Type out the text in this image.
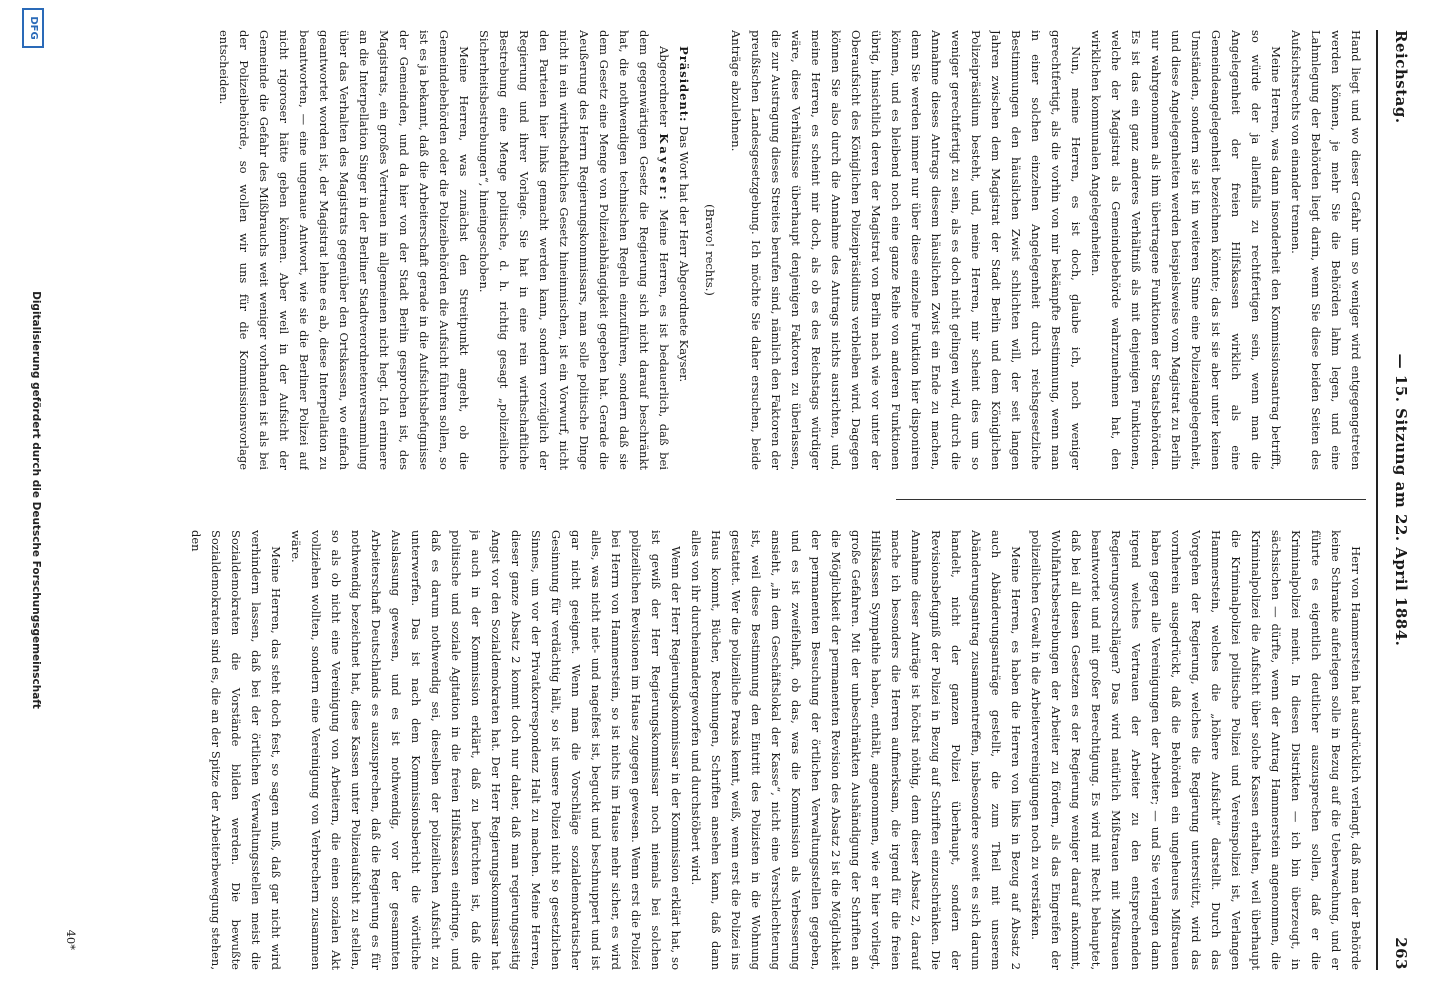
Reichstag.
— 15. Sitzung am 22. April 1884.
263

Hand liegt und wo dieser Gefahr um so weniger wird entgegengetreten werden können, je mehr Sie die Behörden lahm legen, und eine Lahmlegung der Behörden liegt darin, wenn Sie diese beiden Seiten des Aufsichtsrechts von einander trennen.

Meine Herren, was dann insonderheit den Kommissionsantrag betrifft, so würde der ja allenfalls zu rechtfertigen sein, wenn man die Angelegenheit der freien Hilfskassen wirklich als eine Gemeindeangelegenheit bezeichnen könnte; das ist sie aber unter keinen Umständen, sondern sie ist im weiteren Sinne eine Polizeiangelegenheit, und diese Angelegenheiten werden beispielsweise vom Magistrat zu Berlin nur wahrgenommen als ihm übertragene Funktionen der Staatsbehörden. Es ist das ein ganz anderes Verhältniß als mit denjenigen Funktionen, welche der Magistrat als Gemeindebehörde wahrzunehmen hat, den wirklichen kommunalen Angelegenheiten.

Nun, meine Herren, es ist doch, glaube ich, noch weniger gerechtfertigt, als die vorhin von mir bekämpfte Bestimmung, wenn man in einer solchen einzelnen Angelegenheit durch reichsgesetzliche Bestimmungen den häuslichen Zwist schlichten will, der seit langen Jahren zwischen dem Magistrat der Stadt Berlin und dem Königlichen Polizeipräsidium besteht, und, meine Herren, mir scheint dies um so weniger gerechtfertigt zu sein, als es doch nicht gelingen wird, durch die Annahme dieses Antrags diesem häuslichen Zwist ein Ende zu machen, denn Sie werden immer nur über diese einzelne Funktion hier disponiren können, und es bleibend noch eine ganze Reihe von anderen Funktionen übrig, hinsichtlich deren der Magistrat von Berlin nach wie vor unter der Oberaufsicht des Königlichen Polizeipräsidiums verbleiben wird. Dagegen können Sie also durch die Annahme des Antrags nichts ausrichten, und, meine Herren, es scheint mir doch, als ob es des Reichstags würdiger wäre, diese Verhältnisse überhaupt denjenigen Faktoren zu überlassen, die zur Austragung dieses Streites berufen sind, nämlich den Faktoren der preußischen Landesgesetzgebung. Ich möchte Sie daher ersuchen, beide Anträge abzulehnen.

(Bravo! rechts.)

Präsident: Das Wort hat der Herr Abgeordnete Kayser.

Abgeordneter Kayser: Meine Herren, es ist bedauerlich, daß bei dem gegenwärtigen Gesetz die Regierung sich nicht darauf beschränkt hat, die nothwendigen technischen Regeln einzuführen, sondern daß sie dem Gesetz eine Menge von Polizeiabhängigkeit gegeben hat. Gerade die Aeußerung des Herrn Regierungskommissars, man solle politische Dinge nicht in ein wirthschaftliches Gesetz hineinmischen, ist ein Vorwurf, nicht den Parteien hier links gemacht werden kann, sondern vorzüglich der Regierung und ihrer Vorlage. Sie hat in eine rein wirthschaftliche Bestrebung eine Menge politische, d. h. richtig gesagt „polizeiliche Sicherheitsbestrebungen“, hineingeschoben.

Meine Herren, was zunächst den Streitpunkt angeht, ob die Gemeindebehörden oder die Polizeibehörden die Aufsicht führen sollen, so ist es ja bekannt, daß die Arbeiterschaft gerade in die Aufsichtsbefugnisse der Gemeinden, und da hier von der Stadt Berlin gesprochen ist, des Magistrats, ein großes Vertrauen im allgemeinen nicht hegt. Ich erinnere an die Interpellation Singer in der Berliner Stadtverordnetenversammlung über das Verhalten des Magistrats gegenüber den Ortskassen, wo einfach geantwortet worden ist, der Magistrat lehne es ab, diese Interpellation zu beantworten, — eine ungenaue Antwort, wie sie die Berliner Polizei auf nicht rigoroser hätte geben können. Aber weil in der Aufsicht der Gemeinde die Gefahr des Mißbrauchs weit weniger vorhanden ist als bei der Polizeibehörde, so wollen wir uns für die Kommissionsvorlage entscheiden.

Herr von Hammerstein hat ausdrücklich verlangt, daß man der Behörde keine Schranke auferlegen solle in Bezug auf die Ueberwachung, und er führte es eigentlich deutlicher auszusprechen sollen, daß er die Kriminalpolizei meint. In diesen Distrikten — ich bin überzeugt, in sächsischen — dürfte, wenn der Antrag Hammerstein angenommen, die Kriminalpolizei die Aufsicht über solche Kassen erhalten, weil überhaupt die Kriminalpolizei politische Polizei und Vereinspolizei ist, Verlangen Hammerstein, welches die „höhere Aufsicht“ darstellt. Durch das Vorgehen der Regierung, welches die Regierung unterstützt, wird das vornherein ausgedrückt, daß die Behörden ein ungeheures Mißtrauen haben gegen alle Vereinigungen der Arbeiter; — und Sie verlangen dann irgend welches Vertrauen der Arbeiter zu den entsprechenden Regierungsvorschlägen? Das wird natürlich Mißtrauen mit Mißtrauen beantwortet und mit großer Berechtigung. Es wird mit Recht behauptet, daß bei all diesen Gesetzen es der Regierung weniger darauf ankommt, Wohlfahrtsbestrebungen der Arbeiter zu fördern, als das Eingreifen der polizeilichen Gewalt in die Arbeitervereinigungen noch zu verstärken.

Meine Herren, es haben die Herren von links in Bezug auf Absatz 2 auch Abänderungsanträge gestellt, die zum Theil mit unserem Abänderungsantrag zusammentreffen, insbesondere soweit es sich darum handelt, nicht der ganzen Polizei überhaupt, sondern der Revisionsbefugniß der Polizei in Bezug auf Schriften einzuschränken. Die Annahme dieser Anträge ist höchst nöthig, denn dieser Absatz 2, darauf mache ich besonders die Herren aufmerksam, die irgend für die freien Hilfskassen Sympathie haben, enthält, angenommen, wie er hier vorliegt, große Gefahren. Mit der unbeschränkten Aushändigung der Schriften an die Möglichkeit der permanenten Revision des Absatz 2 ist die Möglichkeit der permanenten Besuchung der örtlichen Verwaltungsstellen gegeben, und es ist zweifelhaft, ob das, was die Kommission als Verbesserung ansieht, „in dem Geschäftslokal der Kasse“, nicht eine Verschlechterung ist, weil diese Bestimmung den Eintritt des Polizisten in die Wohnung gestattet. Wer die polizeiliche Praxis kennt, weiß, wenn erst die Polizei ins Haus kommt, Bücher, Rechnungen, Schriften ansehen kann, daß dann alles von ihr durcheinandergeworfen und durchstöbert wird.

Wenn der Herr Regierungskommissar in der Kommission erklärt hat, so ist gewiß der Herr Regierungskommissar noch niemals bei solchen polizeilichen Revisionen im Hause zugegen gewesen. Wenn erst die Polizei bei Herrn von Hammerstein, so ist nichts im Hause mehr sicher, es wird alles, was nicht niet- und nagelfest ist, beguckt und beschnuppert und ist gar nicht geeignet. Wenn man die Vorschläge sozialdemokratischer Gesinnung für verdächtig hält, so ist unsere Polizei nicht so gesetzlichen Sinnes, um vor der Privatkorrespondenz Halt zu machen. Meine Herren, dieser ganze Absatz 2 kommt doch nur daher, daß man regierungsseitig Angst vor den Sozialdemokraten hat. Der Herr Regierungskommissar hat ja auch in der Kommission erklärt, daß zu befürchten ist, daß die politische und soziale Agitation in die freien Hilfskassen eindringe, und daß es darum nothwendig sei, dieselben der polizeilichen Aufsicht zu unterwerfen. Das ist nach dem Kommissionsbericht die wörtliche Auslassung gewesen, und es ist nothwendig, vor der gesammten Arbeiterschaft Deutschlands es auszusprechen, daß die Regierung es für nothwendig bezeichnet hat, diese Kassen unter Polizeiaufsicht zu stellen, so als ob nicht eine Vereinigung von Arbeitern, die einen sozialen Akt vollziehen wollten, sondern eine Vereinigung von Verbrechern zusammen wäre.

Meine Herren, das steht doch fest, so sagen muß, daß gar nicht wird verhindern lassen, daß bei der örtlichen Verwaltungsstellen meist die Sozialdemokraten die Vorstände bilden werden. Die bewußte Sozialdemokraten sind es, die an der Spitze der Arbeiterbewegung stehen, den

40*
Digitalisierung gefördert durch die Deutsche Forschungsgemeinschaft
DFG
